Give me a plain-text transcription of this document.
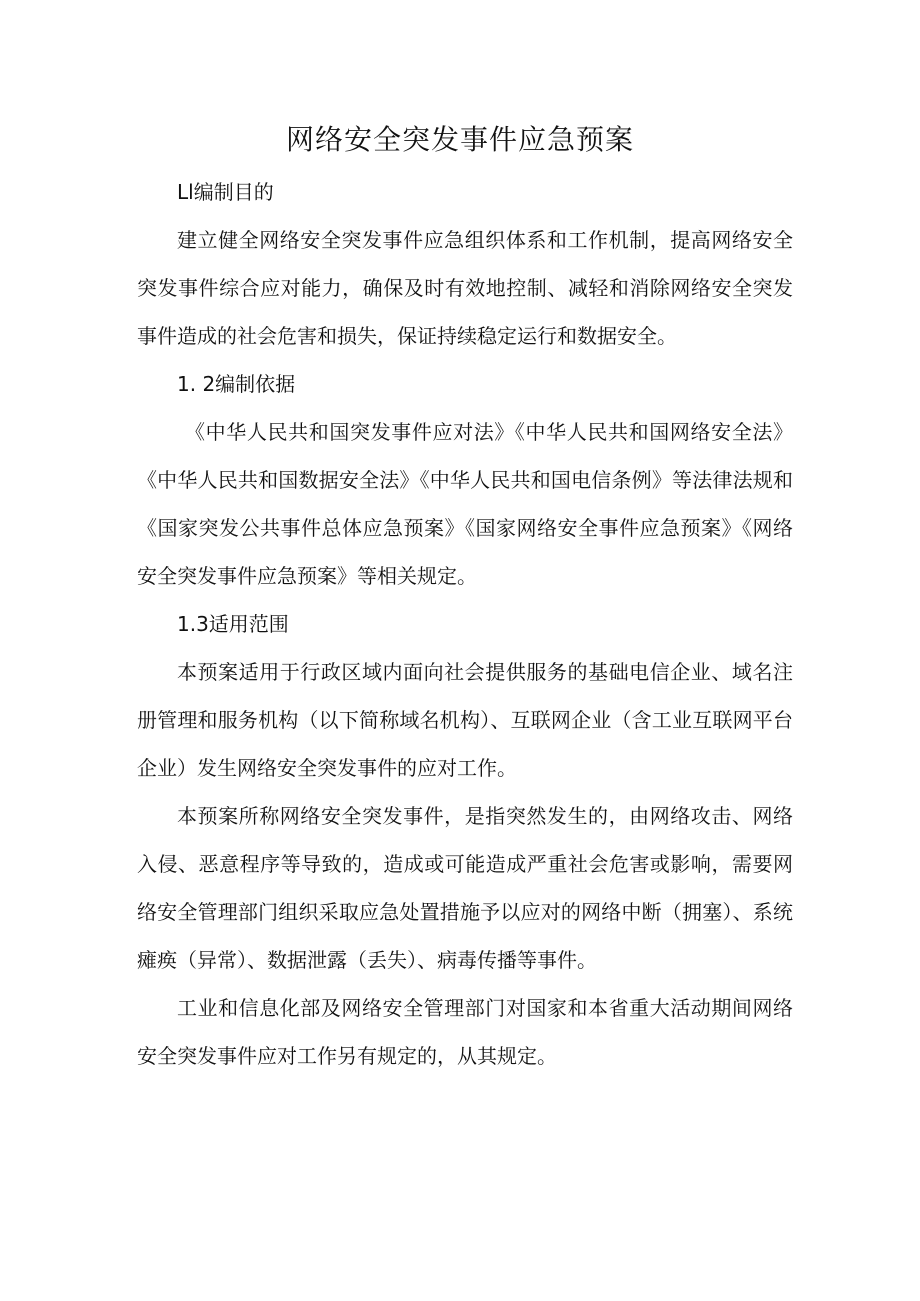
网络安全突发事件应急预案

Ll编制目的

建立健全网络安全突发事件应急组织体系和工作机制，提高网络安全突发事件综合应对能力，确保及时有效地控制、减轻和消除网络安全突发事件造成的社会危害和损失，保证持续稳定运行和数据安全。

1. 2编制依据

《中华人民共和国突发事件应对法》《中华人民共和国网络安全法》《中华人民共和国数据安全法》《中华人民共和国电信条例》等法律法规和《国家突发公共事件总体应急预案》《国家网络安全事件应急预案》《网络安全突发事件应急预案》等相关规定。

1.3适用范围

本预案适用于行政区域内面向社会提供服务的基础电信企业、域名注册管理和服务机构（以下简称域名机构）、互联网企业（含工业互联网平台企业）发生网络安全突发事件的应对工作。

本预案所称网络安全突发事件，是指突然发生的，由网络攻击、网络入侵、恶意程序等导致的，造成或可能造成严重社会危害或影响，需要网络安全管理部门组织采取应急处置措施予以应对的网络中断（拥塞）、系统瘫痪（异常）、数据泄露（丢失）、病毒传播等事件。

工业和信息化部及网络安全管理部门对国家和本省重大活动期间网络安全突发事件应对工作另有规定的，从其规定。
